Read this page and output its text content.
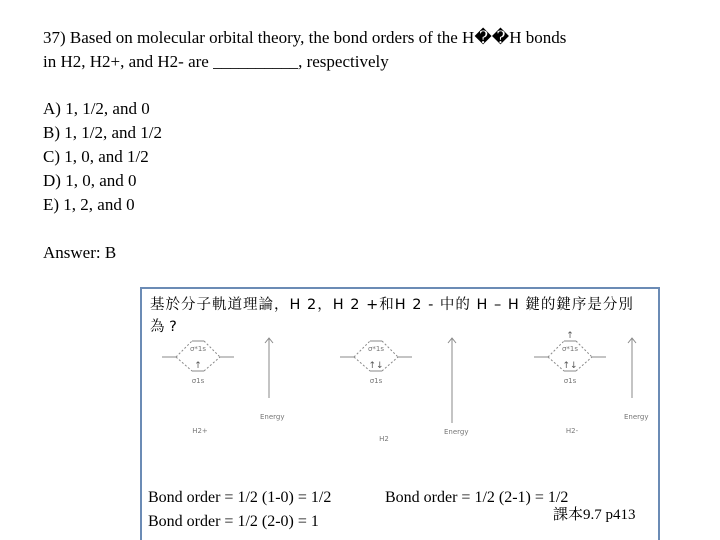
37) Based on molecular orbital theory, the bond orders of the H��H bonds
in H2, H2+, and H2- are __________, respectively
A) 1, 1/2, and 0
B) 1, 1/2, and 1/2
C) 1, 0, and 1/2
D) 1, 0, and 0
E) 1, 2, and 0
Answer: B
基於分子軌道理論，H 2，H 2 +和H 2 - 中的 H – H 鍵的鍵序是分別
為 ?
↑
σ*1s
σ1s
Energy
H2+
↑↓
σ*1s
σ1s
Energy
H2
↑
↑↓
σ*1s
σ1s
Energy
H2-
Bond order = 1/2 (1-0) = 1/2
Bond order = 1/2 (2-0) = 1
Bond order = 1/2 (2-1) = 1/2
課本9.7 p413
